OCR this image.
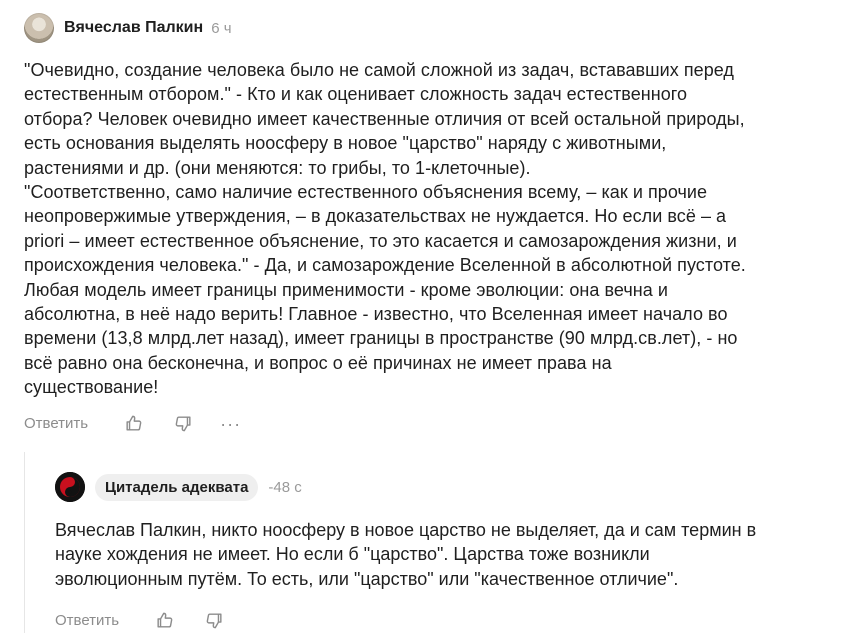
Вячеслав Палкин 6 ч
"Очевидно, создание человека было не самой сложной из задач, встававших перед
естественным отбором." - Кто и как оценивает сложность задач естественного
отбора? Человек очевидно имеет качественные отличия от всей остальной природы,
есть основания выделять ноосферу в новое "царство" наряду с животными,
растениями и др. (они меняются: то грибы, то 1-клеточные).
"Соответственно, само наличие естественного объяснения всему, – как и прочие
неопровержимые утверждения, – в доказательствах не нуждается. Но если всё – а
priori – имеет естественное объяснение, то это касается и самозарождения жизни, и
происхождения человека." - Да, и самозарождение Вселенной в абсолютной пустоте.
Любая модель имеет границы применимости - кроме эволюции: она вечна и
абсолютна, в неё надо верить! Главное - известно, что Вселенная имеет начало во
времени (13,8 млрд.лет назад), имеет границы в пространстве (90 млрд.св.лет), - но
всё равно она бесконечна, и вопрос о её причинах не имеет права на
существование!
Ответить	···
Цитадель адеквата	-48 с
Вячеслав Палкин, никто ноосферу в новое царство не выделяет, да и сам термин в
науке хождения не имеет. Но если б "царство". Царства тоже возникли
эволюционным путём. То есть, или "царство" или "качественное отличие".
Ответить
